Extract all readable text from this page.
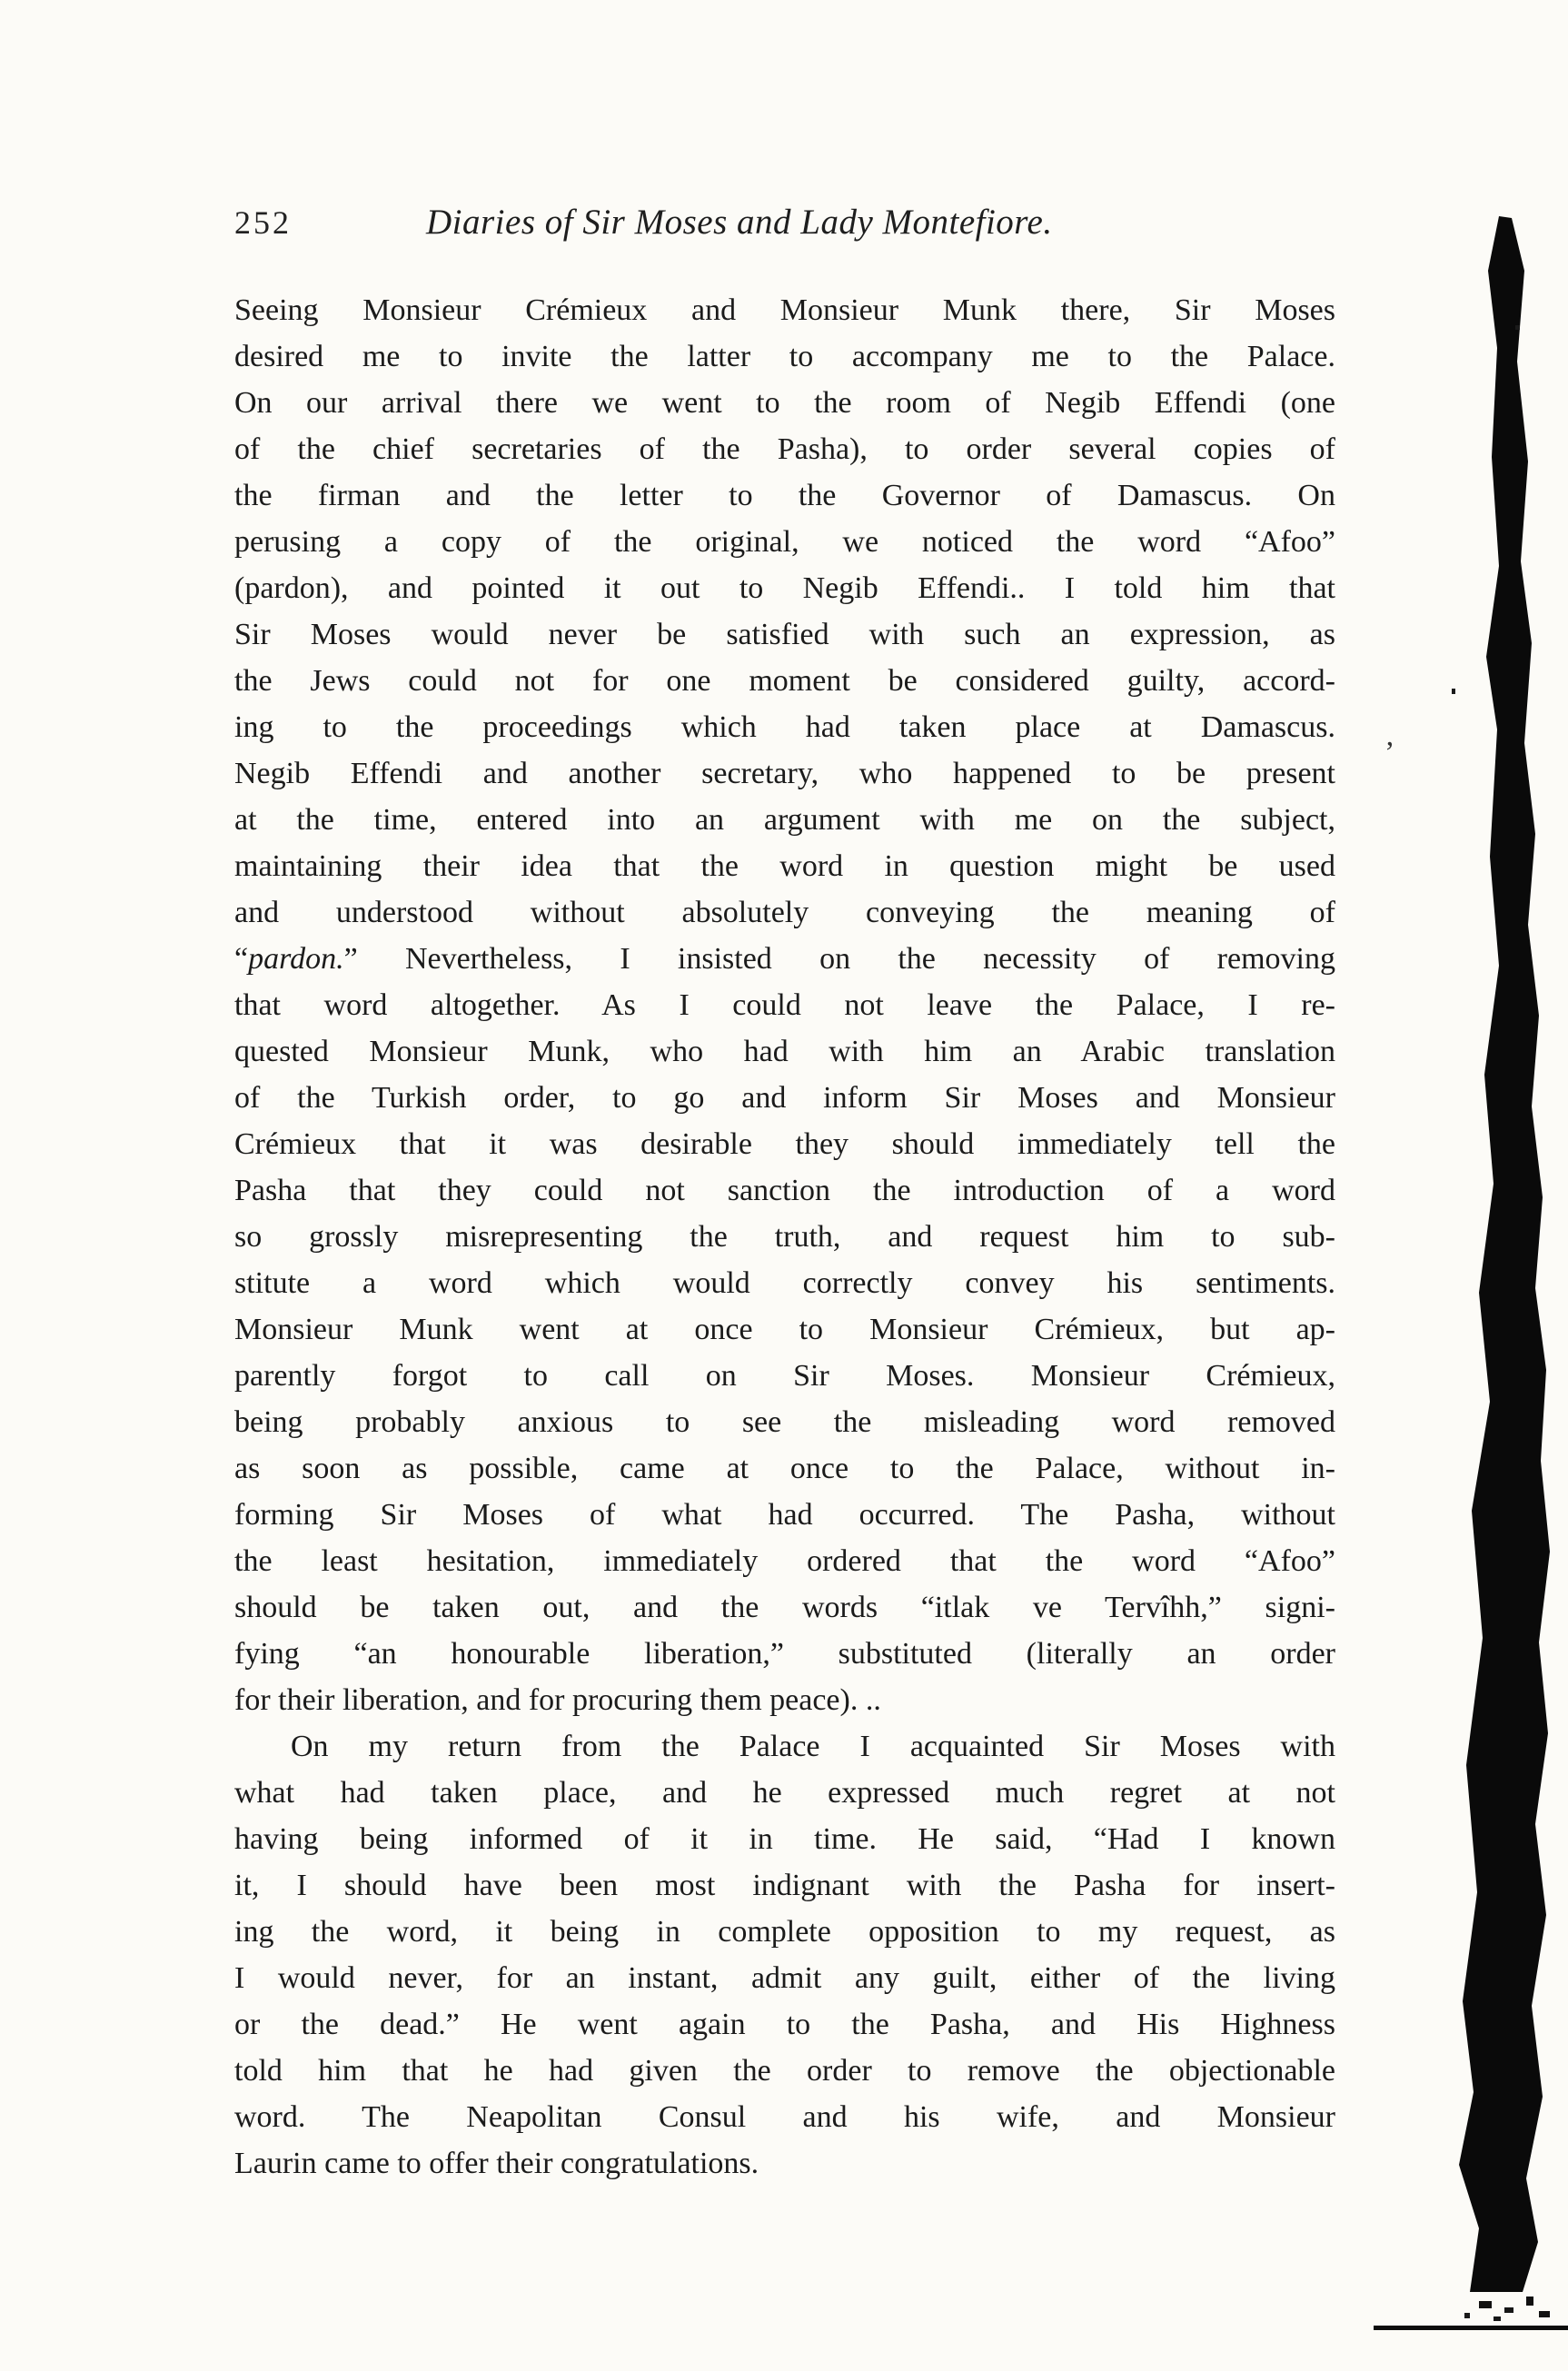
252	Diaries of Sir Moses and Lady Montefiore.
Seeing Monsieur Crémieux and Monsieur Munk there, Sir Moses
desired me to invite the latter to accompany me to the Palace.
On our arrival there we went to the room of Negib Effendi (one
of the chief secretaries of the Pasha), to order several copies of
the firman and the letter to the Governor of Damascus. On
perusing a copy of the original, we noticed the word “Afoo”
(pardon), and pointed it out to Negib Effendi.. I told him that
Sir Moses would never be satisfied with such an expression, as
the Jews could not for one moment be considered guilty, accord-
ing to the proceedings which had taken place at Damascus.
Negib Effendi and another secretary, who happened to be present
at the time, entered into an argument with me on the subject,
maintaining their idea that the word in question might be used
and understood without absolutely conveying the meaning of
“pardon.” Nevertheless, I insisted on the necessity of removing
that word altogether. As I could not leave the Palace, I re-
quested Monsieur Munk, who had with him an Arabic translation
of the Turkish order, to go and inform Sir Moses and Monsieur
Crémieux that it was desirable they should immediately tell the
Pasha that they could not sanction the introduction of a word
so grossly misrepresenting the truth, and request him to sub-
stitute a word which would correctly convey his sentiments.
Monsieur Munk went at once to Monsieur Crémieux, but ap-
parently forgot to call on Sir Moses. Monsieur Crémieux,
being probably anxious to see the misleading word removed
as soon as possible, came at once to the Palace, without in-
forming Sir Moses of what had occurred. The Pasha, without
the least hesitation, immediately ordered that the word “Afoo”
should be taken out, and the words “itlak ve Tervîhh,” signi-
fying “an honourable liberation,” substituted (literally an order
for their liberation, and for procuring them peace). ..
On my return from the Palace I acquainted Sir Moses with
what had taken place, and he expressed much regret at not
having being informed of it in time. He said, “Had I known
it, I should have been most indignant with the Pasha for insert-
ing the word, it being in complete opposition to my request, as
I would never, for an instant, admit any guilt, either of the living
or the dead.” He went again to the Pasha, and His Highness
told him that he had given the order to remove the objectionable
word. The Neapolitan Consul and his wife, and Monsieur
Laurin came to offer their congratulations.
’
